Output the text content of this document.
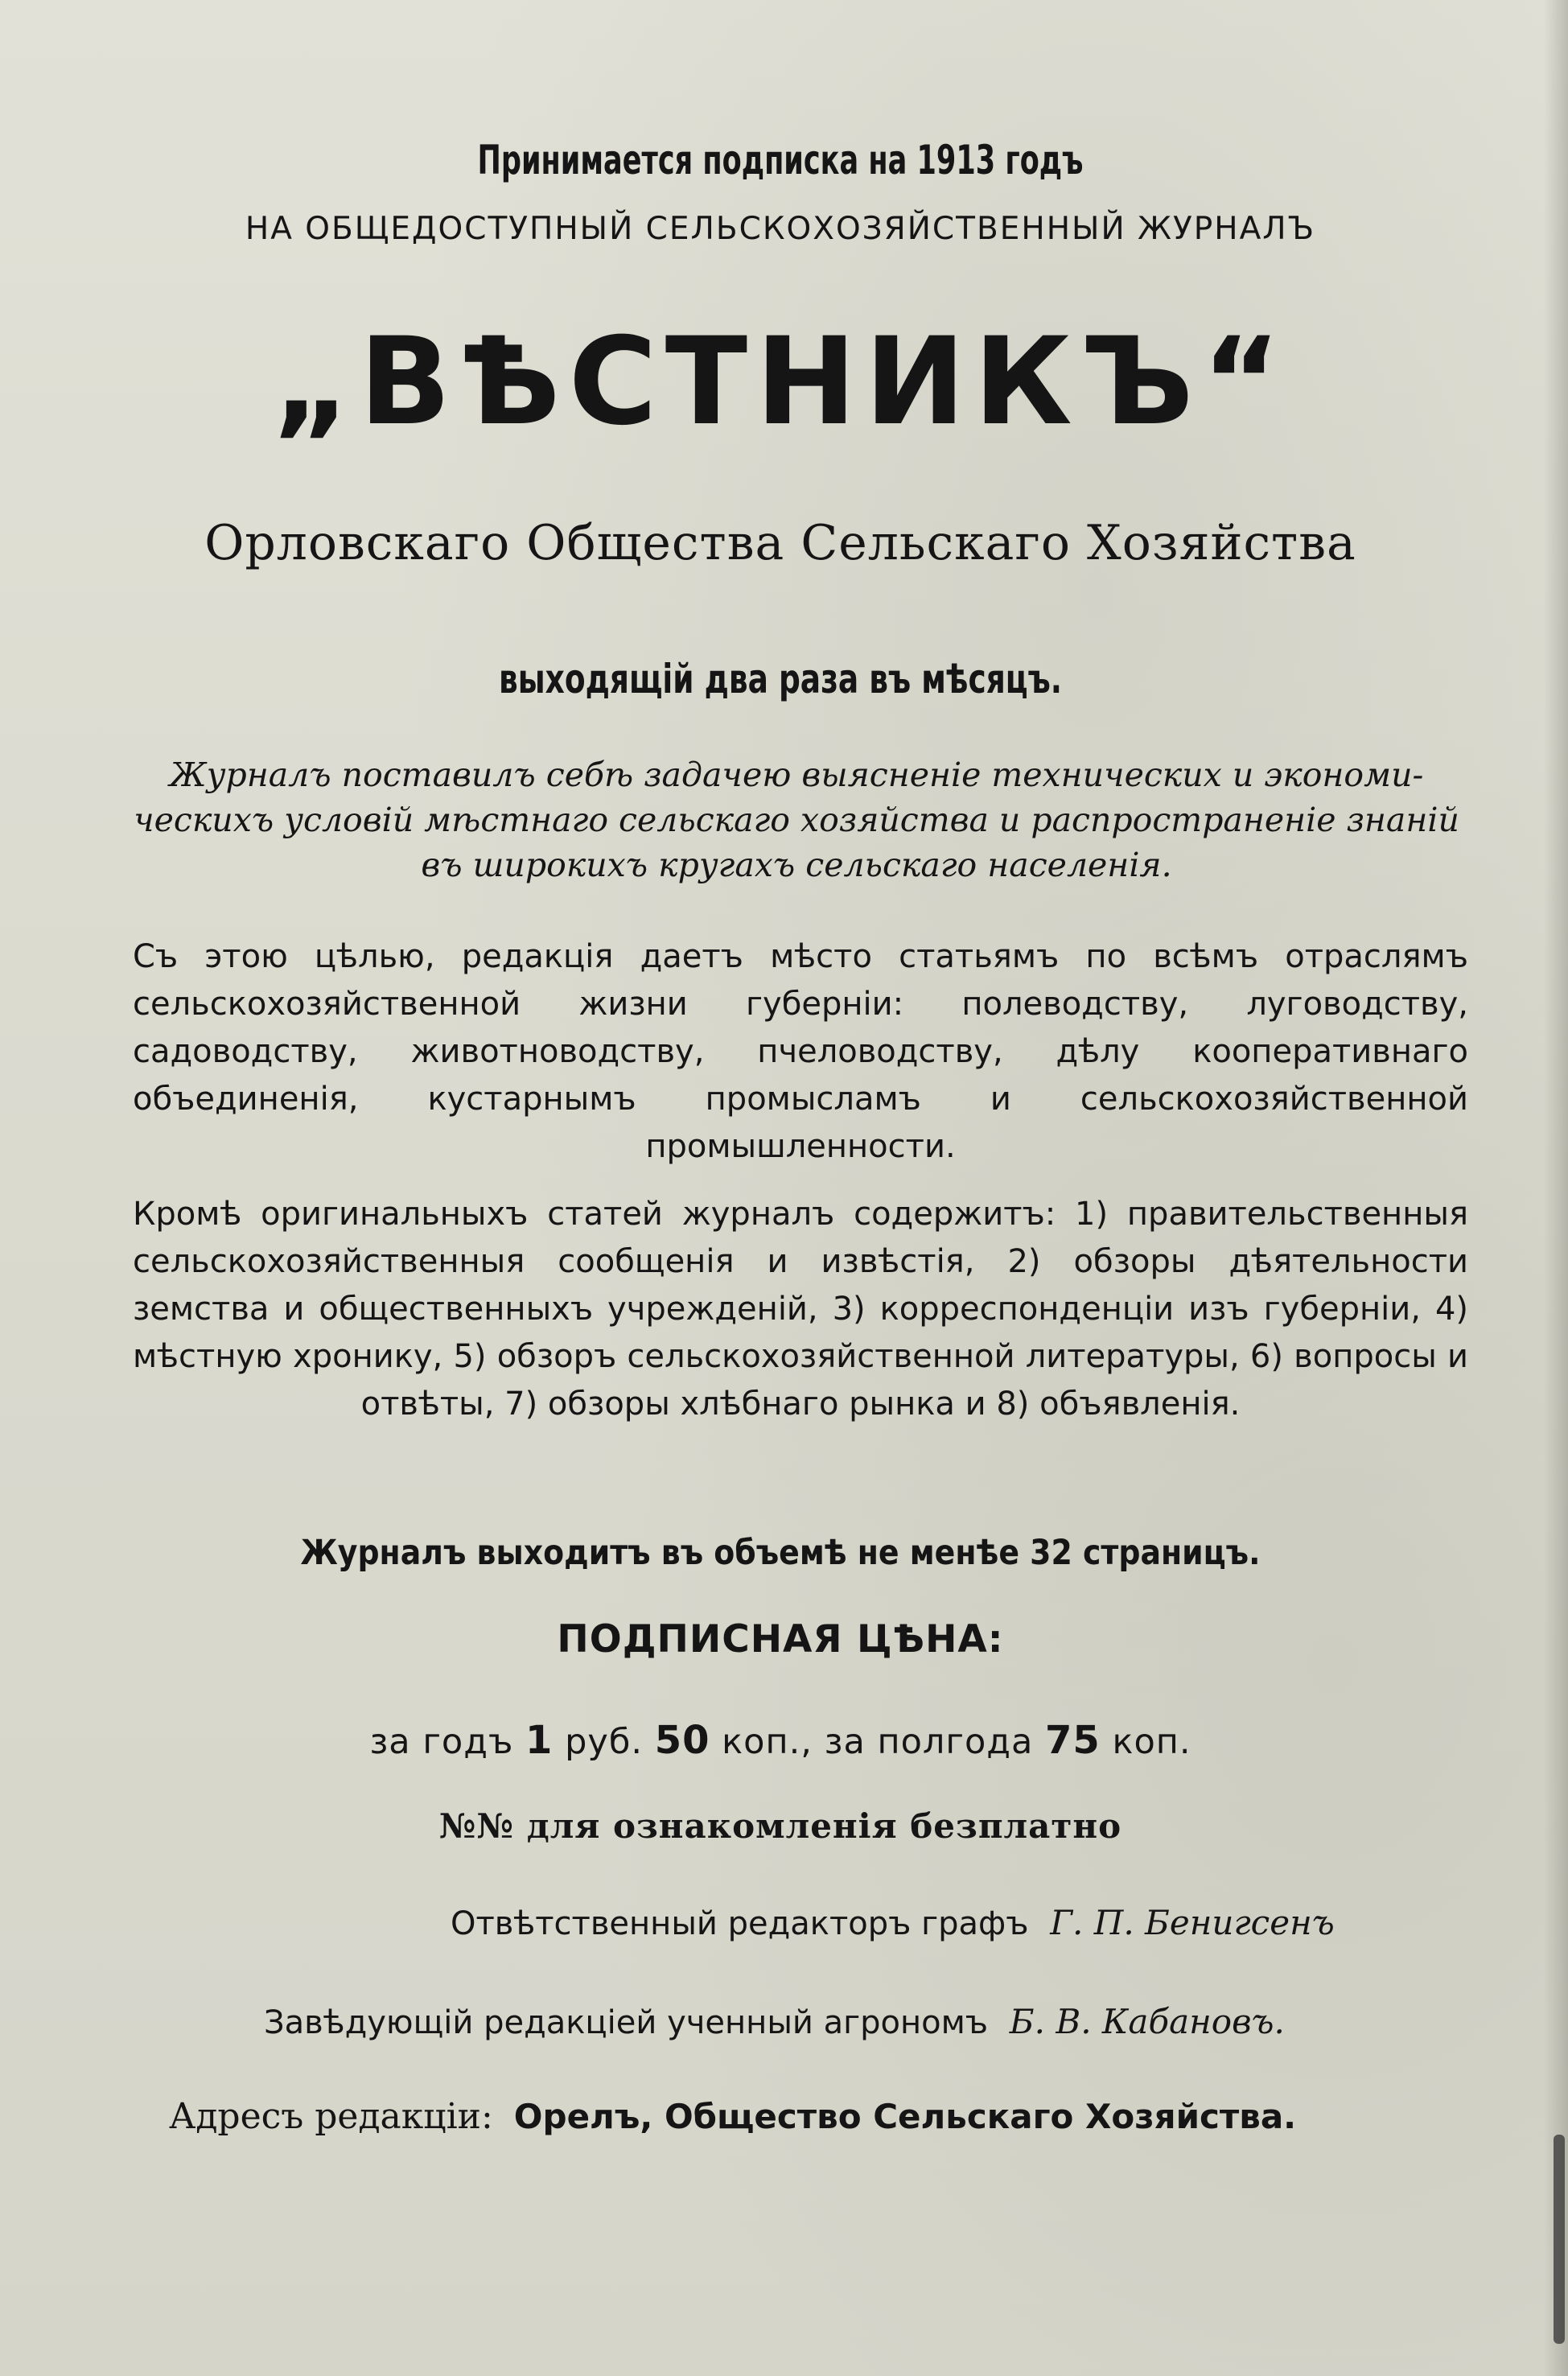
Принимается подписка на 1913 годъ
НА ОБЩЕДОСТУПНЫЙ СЕЛЬСКОХОЗЯЙСТВЕННЫЙ ЖУРНАЛЪ
„ВѢСТНИКЪ“
Орловскаго Общества Сельскаго Хозяйства
выходящій два раза въ мѣсяцъ.
Журналъ поставилъ себѣ задачею выясненіе технических и экономи-
ческихъ условій мѣстнаго сельскаго хозяйства и распространеніе знаній
въ широкихъ кругахъ сельскаго населенія.
Съ этою цѣлью, редакція даетъ мѣсто статьямъ по всѣмъ отраслямъ сельскохозяйственной жизни губерніи: полеводству, луговодству, садоводству, животноводству, пчеловодству, дѣлу кооперативнаго объединенія, кустарнымъ промысламъ и сельскохозяйственной промышленности.
Кромѣ оригинальныхъ статей журналъ содержитъ: 1) правительственныя сельскохозяйственныя сообщенія и извѣстія, 2) обзоры дѣятельности земства и общественныхъ учрежденій, 3) корреспонденціи изъ губерніи, 4) мѣстную хронику, 5) обзоръ сельскохозяйственной литературы, 6) вопросы и отвѣты, 7) обзоры хлѣбнаго рынка и 8) объявленія.
Журналъ выходитъ въ объемѣ не менѣе 32 страницъ.
ПОДПИСНАЯ ЦѢНА:
за годъ 1 руб. 50 коп., за полгода 75 коп.
№№ для ознакомленія безплатно
Отвѣтственный редакторъ графъ Г. П. Бенигсенъ
Завѣдующій редакціей ученный агрономъ Б. В. Кабановъ.
Адресъ редакціи: Орелъ, Общество Сельскаго Хозяйства.
